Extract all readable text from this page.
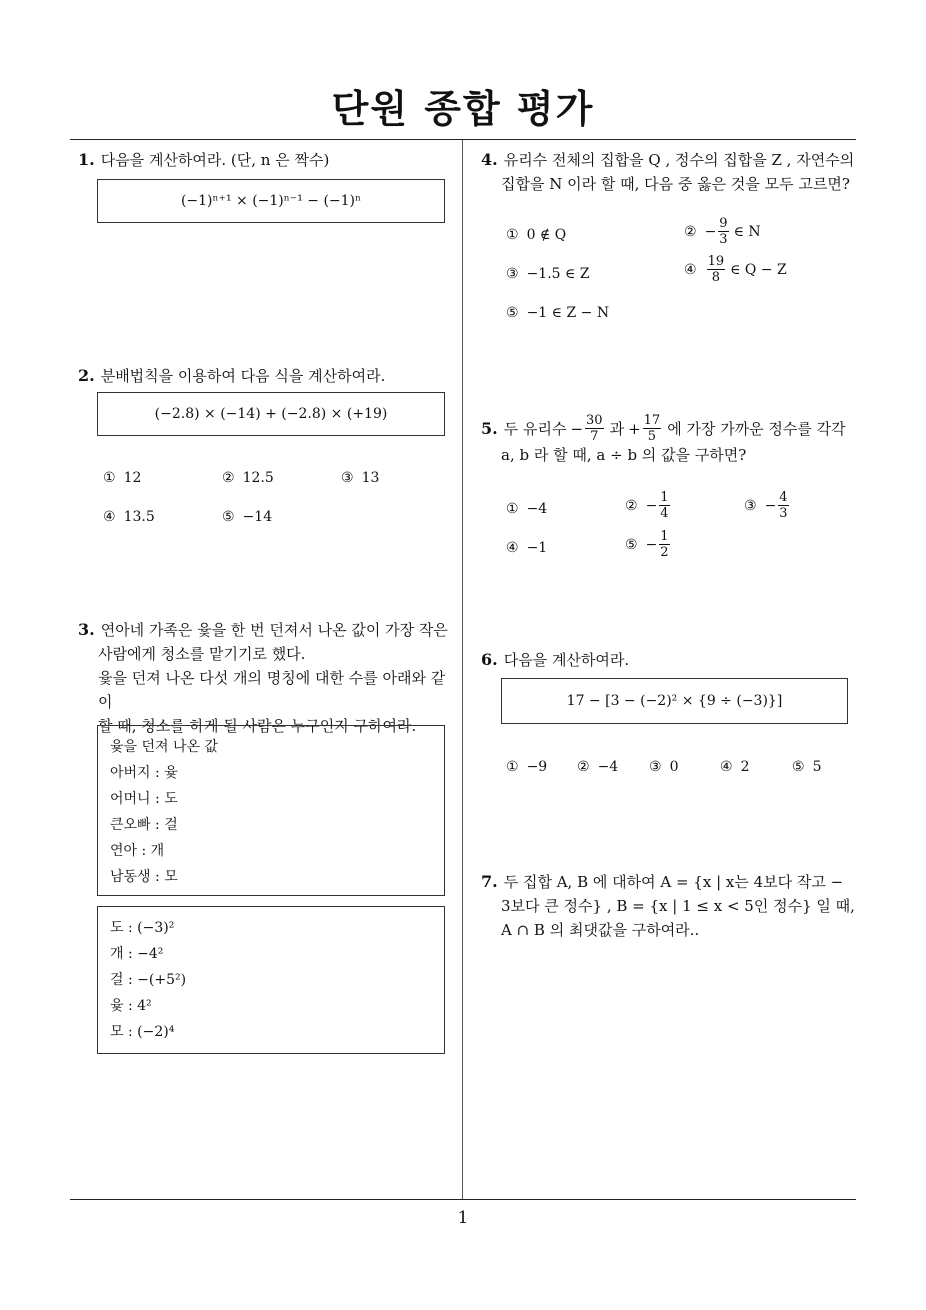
단원 종합 평가
1. 다음을 계산하여라. (단, n 은 짝수)
(−1)ⁿ⁺¹ × (−1)ⁿ⁻¹ − (−1)ⁿ
2. 분배법칙을 이용하여 다음 식을 계산하여라.
(−2.8) × (−14) + (−2.8) × (+19)
① 12	② 12.5	③ 13
④ 13.5	⑤ −14
3. 연아네 가족은 윷을 한 번 던져서 나온 값이 가장 작은
사람에게 청소를 맡기기로 했다.
윷을 던져 나온 다섯 개의 명칭에 대한 수를 아래와 같이
할 때, 청소를 하게 될 사람은 누구인지 구하여라.
윷을 던져 나온 값
아버지 : 윷
어머니 : 도
큰오빠 : 걸
연아 : 개
남동생 : 모
도 : (−3)²
개 : −4²
걸 : −(+5²)
윷 : 4²
모 : (−2)⁴
4. 유리수 전체의 집합을 Q , 정수의 집합을 Z , 자연수의
집합을 N 이라 할 때, 다음 중 옳은 것을 모두 고르면?
① 0 ∉ Q	② − $\frac{9}{3}$ ∈ N
③ −1.5 ∈ Z	④ $\frac{19}{8}$ ∈ Q − Z
⑤ −1 ∈ Z − N
5. 두 유리수 − $\frac{30}{7}$ 과 + $\frac{17}{5}$ 에 가장 가까운 정수를 각각
a, b 라 할 때, a ÷ b 의 값을 구하면?
① −4	② − $\frac{1}{4}$	③ − $\frac{4}{3}$
④ −1	⑤ − $\frac{1}{2}$
6. 다음을 계산하여라.
17 − [3 − (−2)² × {9 ÷ (−3)}]
① −9 ② −4 ③ 0	④ 2	⑤ 5
7. 두 집합 A, B 에 대하여 A = {x | x는 4보다 작고 −
3보다 큰 정수} , B = {x | 1 ≤ x < 5인 정수} 일 때,
A ∩ B 의 최댓값을 구하여라..
1
